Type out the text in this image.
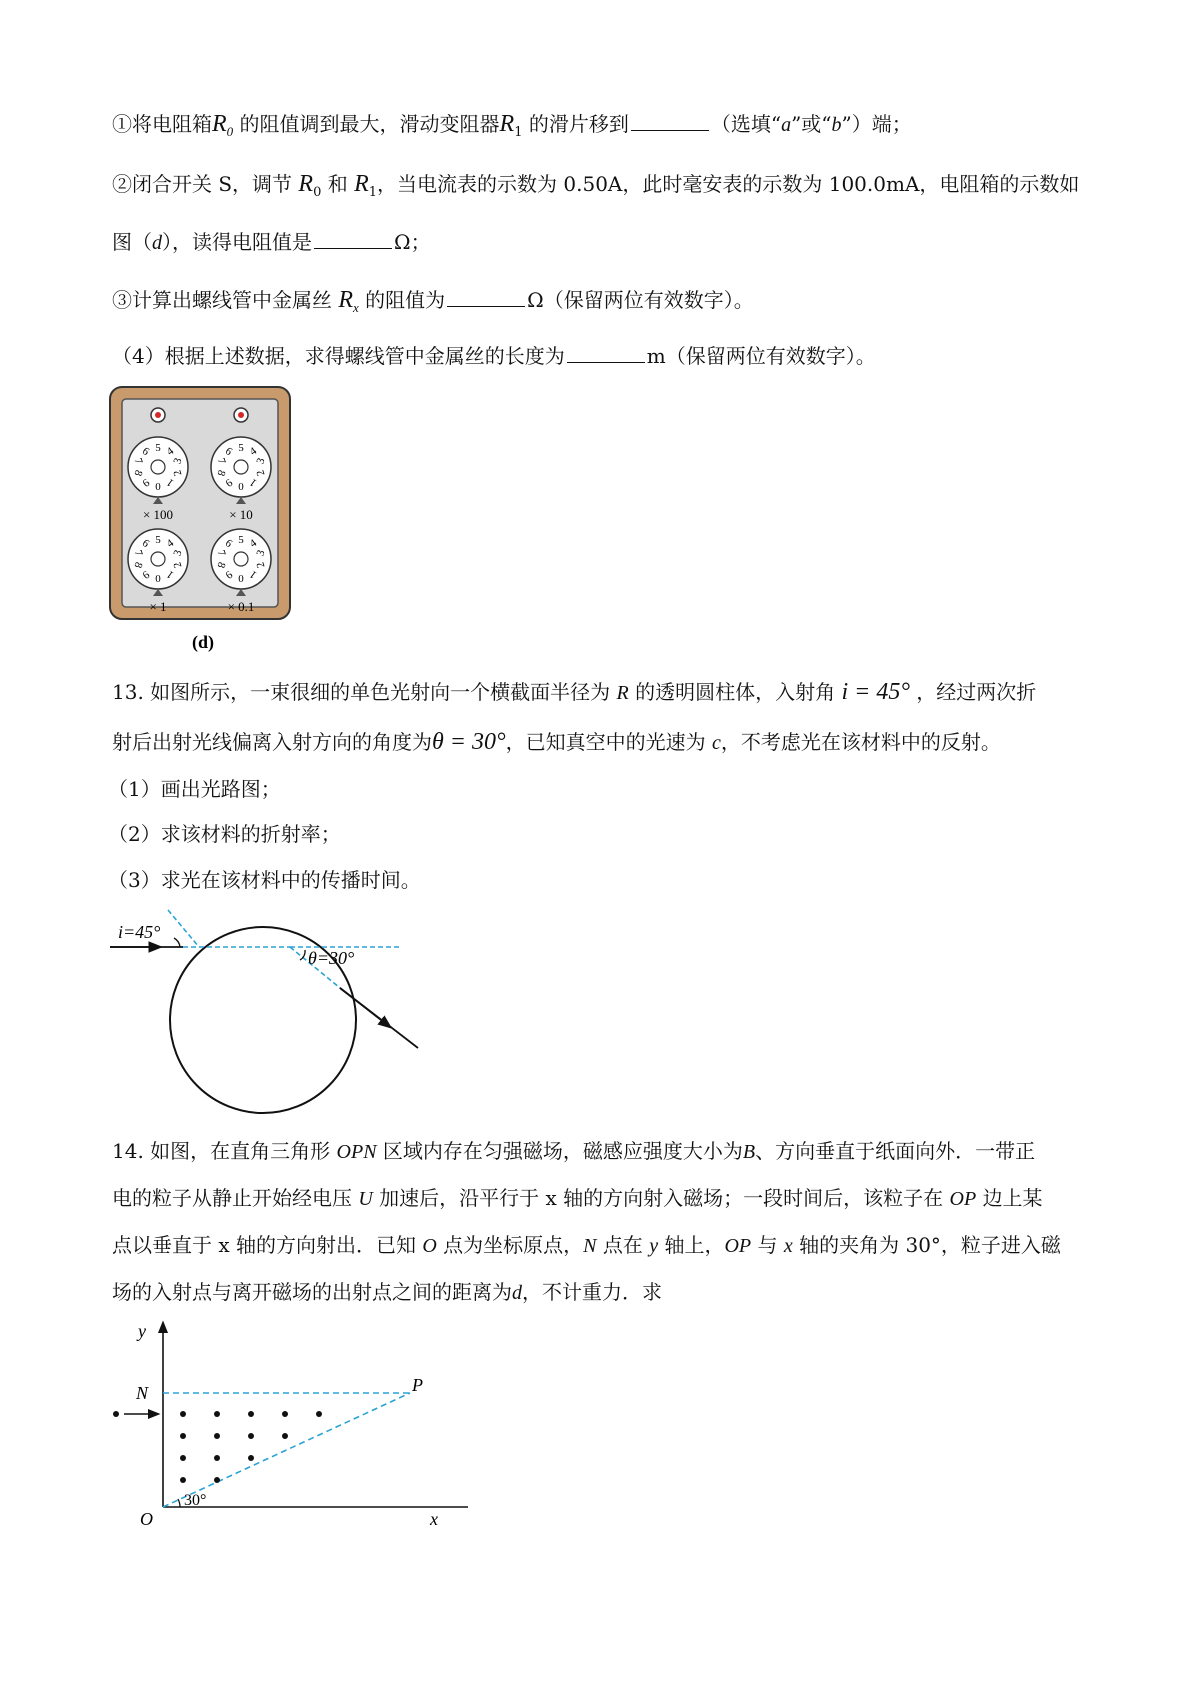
①将电阻箱$R_0$ 的阻值调到最大，滑动变阻器$R_1$ 的滑片移到	（选填“a”或“b”）端；
②闭合开关 S，调节 $R_0$ 和 $R_1$，当电流表的示数为 0.50A，此时毫安表的示数为 100.0mA，电阻箱的示数如
图（d），读得电阻值是	Ω；
③计算出螺线管中金属丝 $R_x$ 的阻值为	Ω（保留两位有效数字）。
（4）根据上述数据，求得螺线管中金属丝的长度为	m（保留两位有效数字）。
0 1
2
3
4
5
6
7
8
9
× 100
0 1
2
3
4
5
6
7
8
9
× 10
0 1
2
3
4
5
6
7
8
9
× 1
0 1
2
3
4
5
6
7
8
9
× 0.1
(d)
13. 如图所示，一束很细的单色光射向一个横截面半径为 R 的透明圆柱体，入射角 i = 45° ，经过两次折
射后出射光线偏离入射方向的角度为θ = 30°，已知真空中的光速为 c，不考虑光在该材料中的反射。
（1）画出光路图；
（2）求该材料的折射率；
（3）求光在该材料中的传播时间。
i=45°
θ=30°
14. 如图，在直角三角形 OPN 区域内存在匀强磁场，磁感应强度大小为B、方向垂直于纸面向外．一带正
电的粒子从静止开始经电压 U 加速后，沿平行于 x 轴的方向射入磁场；一段时间后，该粒子在 OP 边上某
点以垂直于 x 轴的方向射出．已知 O 点为坐标原点，N 点在 y 轴上，OP 与 x 轴的夹角为 30°，粒子进入磁
场的入射点与离开磁场的出射点之间的距离为d，不计重力．求
y
x
O
N	P
30°
